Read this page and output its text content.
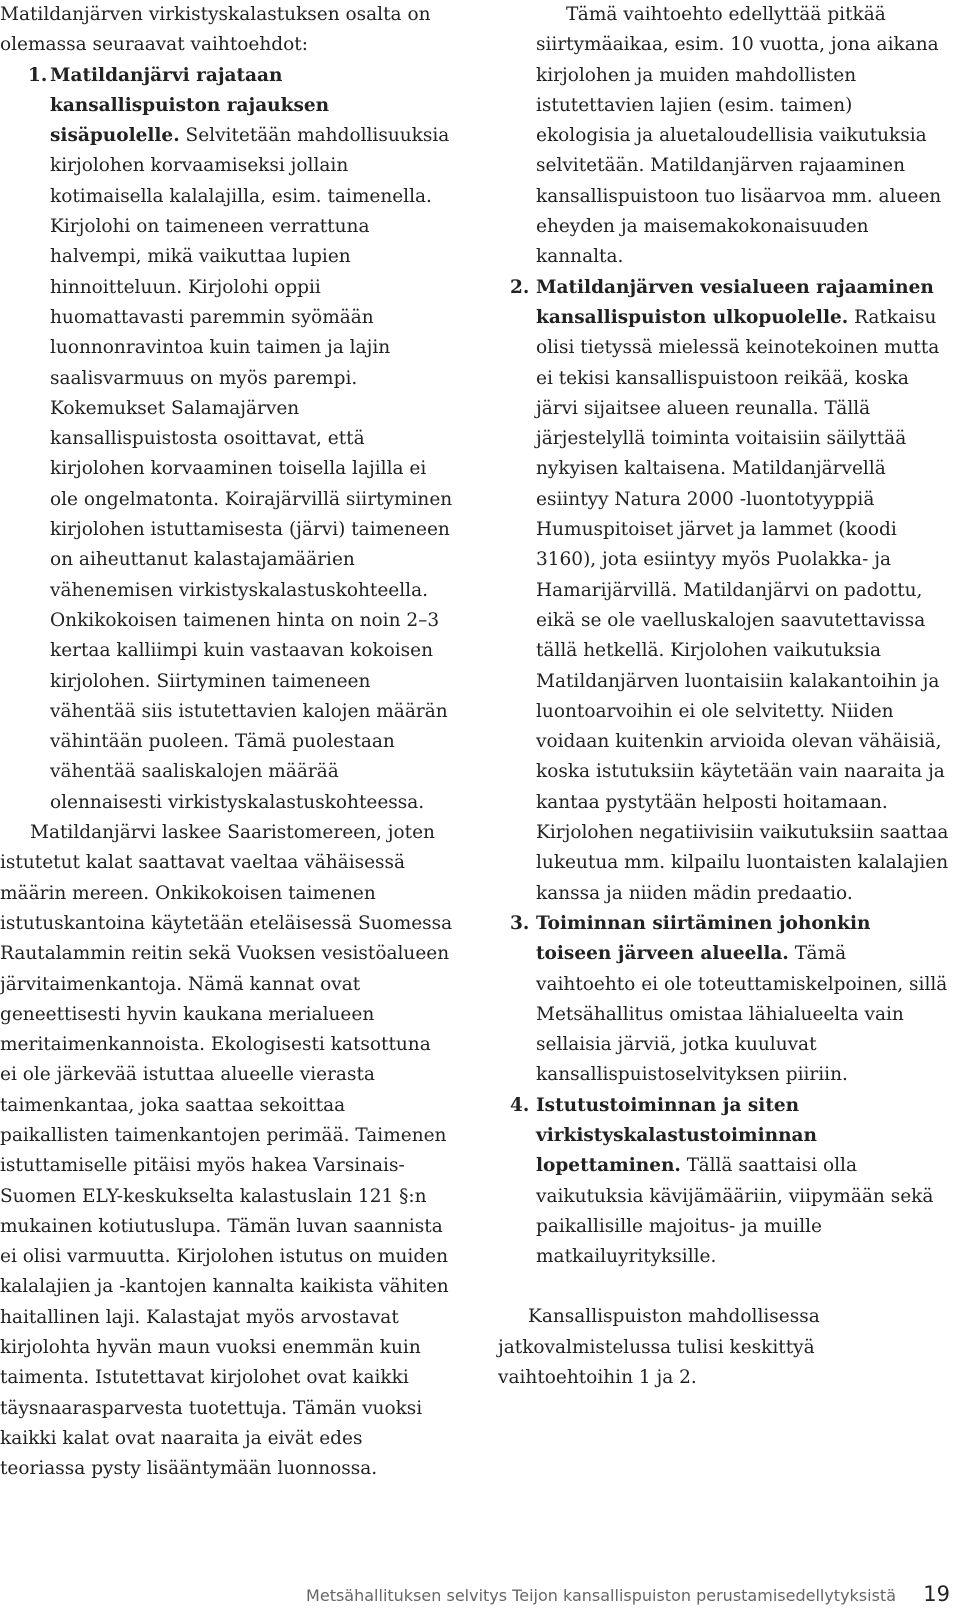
Matildanjärven virkistyskalastuksen osalta on olemassa seuraavat vaihtoehdot:

1. Matildanjärvi rajataan kansallispuiston rajauksen sisäpuolelle. Selvitetään mahdollisuuksia kirjolohen korvaamiseksi jollain kotimaisella kalalajilla, esim. taimenella. Kirjolohi on taimeneen verrattuna halvempi, mikä vaikuttaa lupien hinnoitteluun. Kirjolohi oppii huomattavasti paremmin syömään luonnonravintoa kuin taimen ja lajin saalisvarmuus on myös parempi. Kokemukset Salamajärven kansallispuistosta osoittavat, että kirjolohen korvaaminen toisella lajilla ei ole ongelmatonta. Koirajärvillä siirtyminen kirjolohen istuttamisesta (järvi) taimeneen on aiheuttanut kalastajamäärien vähenemisen virkistyskalastuskohteella. Onkikokoisen taimenen hinta on noin 2–3 kertaa kalliimpi kuin vastaavan kokoisen kirjolohen. Siirtyminen taimeneen vähentää siis istutettavien kalojen määrän vähintään puoleen. Tämä puolestaan vähentää saaliskalojen määrää olennaisesti virkistyskalastuskohteessa.

Matildanjärvi laskee Saaristomereen, joten istutetut kalat saattavat vaeltaa vähäisessä määrin mereen. Onkikokoisen taimenen istutuskantoina käytetään eteläisessä Suomessa Rautalammin reitin sekä Vuoksen vesistöalueen järvitaimenkantoja. Nämä kannat ovat geneettisesti hyvin kaukana merialueen meritaimenkannoista. Ekologisesti katsottuna ei ole järkevää istuttaa alueelle vierasta taimenkantaa, joka saattaa sekoittaa paikallisten taimenkantojen perimää. Taimenen istuttamiselle pitäisi myös hakea Varsinais-Suomen ELY-keskukselta kalastuslain 121 §:n mukainen kotiutuslupa. Tämän luvan saannista ei olisi varmuutta. Kirjolohen istutus on muiden kalalajien ja -kantojen kannalta kaikista vähiten haitallinen laji. Kalastajat myös arvostavat kirjolohta hyvän maun vuoksi enemmän kuin taimenta. Istutettavat kirjolohet ovat kaikki täysnaarasparvesta tuotettuja. Tämän vuoksi kaikki kalat ovat naaraita ja eivät edes teoriassa pysty lisääntymään luonnossa.

Tämä vaihtoehto edellyttää pitkää siirtymäaikaa, esim. 10 vuotta, jona aikana kirjolohen ja muiden mahdollisten istutettavien lajien (esim. taimen) ekologisia ja aluetaloudellisia vaikutuksia selvitetään. Matildanjärven rajaaminen kansallispuistoon tuo lisäarvoa mm. alueen eheyden ja maisemakokonaisuuden kannalta.

2. Matildanjärven vesialueen rajaaminen kansallispuiston ulkopuolelle. Ratkaisu olisi tietyssä mielessä keinotekoinen mutta ei tekisi kansallispuistoon reikää, koska järvi sijaitsee alueen reunalla. Tällä järjestelyllä toiminta voitaisiin säilyttää nykyisen kaltaisena. Matildanjärvellä esiintyy Natura 2000 -luontotyyppiä Humuspitoiset järvet ja lammet (koodi 3160), jota esiintyy myös Puolakka- ja Hamarijärvillä. Matildanjärvi on padottu, eikä se ole vaelluskalojen saavutettavissa tällä hetkellä. Kirjolohen vaikutuksia Matildanjärven luontaisiin kalakantoihin ja luontoarvoihin ei ole selvitetty. Niiden voidaan kuitenkin arvioida olevan vähäisiä, koska istutuksiin käytetään vain naaraita ja kantaa pystytään helposti hoitamaan. Kirjolohen negatiivisiin vaikutuksiin saattaa lukeutua mm. kilpailu luontaisten kalalajien kanssa ja niiden mädin predaatio.
3. Toiminnan siirtäminen johonkin toiseen järveen alueella. Tämä vaihtoehto ei ole toteuttamiskelpoinen, sillä Metsähallitus omistaa lähialueelta vain sellaisia järviä, jotka kuuluvat kansallispuistoselvityksen piiriin.
4. Istutustoiminnan ja siten virkistyskalastustoiminnan lopettaminen. Tällä saattaisi olla vaikutuksia kävijämääriin, viipymään sekä paikallisille majoitus- ja muille matkailuyrityksille.

Kansallispuiston mahdollisessa jatkovalmistelussa tulisi keskittyä vaihtoehtoihin 1 ja 2.

Metsähallituksen selvitys Teijon kansallispuiston perustamisedellytyksistä 19
